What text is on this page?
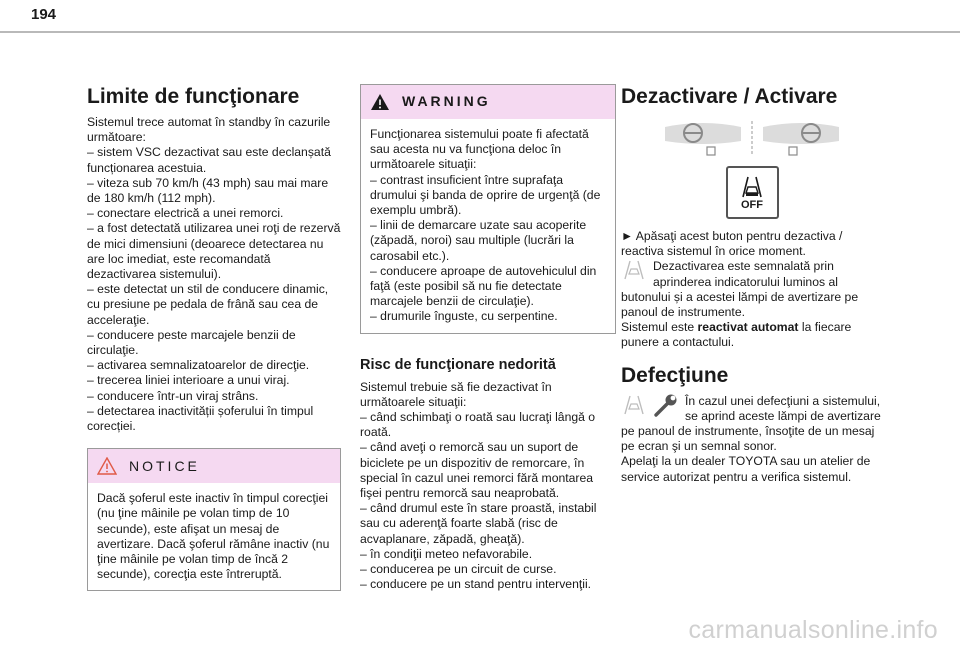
194
Limite de funcţionare

Sistemul trece automat în standby în cazurile următoare:

– sistem VSC dezactivat sau este declanșată funcționarea acestuia.

– viteza sub 70 km/h (43 mph) sau mai mare de 180 km/h (112 mph).

– conectare electrică a unei remorci.

– a fost detectată utilizarea unei roţi de rezervă de mici dimensiuni (deoarece detectarea nu are loc imediat, este recomandată dezactivarea sistemului).

– este detectat un stil de conducere dinamic, cu presiune pe pedala de frână sau cea de acceleraţie.

– conducere peste marcajele benzii de circulaţie.

– activarea semnalizatoarelor de direcţie.

– trecerea liniei interioare a unui viraj.

– conducere într-un viraj strâns.

– detectarea inactivității șoferului în timpul corecției.

NOTICE

Dacă şoferul este inactiv în timpul corecţiei (nu ţine mâinile pe volan timp de 10 secunde), este afişat un mesaj de avertizare. Dacă şoferul rămâne inactiv (nu ţine mâinile pe volan timp de încă 2 secunde), corecţia este întreruptă.

WARNING

Funcţionarea sistemului poate fi afectată sau acesta nu va funcţiona deloc în următoarele situaţii:

– contrast insuficient între suprafaţa drumului şi banda de oprire de urgenţă (de exemplu umbră).

– linii de demarcare uzate sau acoperite (zăpadă, noroi) sau multiple (lucrări la carosabil etc.).

– conducere aproape de autovehiculul din faţă (este posibil să nu fie detectate marcajele benzii de circulaţie).

– drumurile înguste, cu serpentine.

Risc de funcţionare nedorită

Sistemul trebuie să fie dezactivat în următoarele situaţii:

– când schimbaţi o roată sau lucraţi lângă o roată.

– când aveţi o remorcă sau un suport de biciclete pe un dispozitiv de remorcare, în special în cazul unei remorci fără montarea fişei pentru remorcă sau neaprobată.

– când drumul este în stare proastă, instabil sau cu aderenţă foarte slabă (risc de acvaplanare, zăpadă, gheaţă).

– în condiţii meteo nefavorabile.

– conducerea pe un circuit de curse.

– conducere pe un stand pentru intervenţii.

Dezactivare / Activare
OFF

► Apăsaţi acest buton pentru dezactiva / reactiva sistemul în orice moment.

Dezactivarea este semnalată prin aprinderea indicatorului luminos al butonului și a acestei lămpi de avertizare pe panoul de instrumente.

Sistemul este reactivat automat la fiecare punere a contactului.

Defecţiune

În cazul unei defecţiuni a sistemului, se aprind aceste lămpi de avertizare pe panoul de instrumente, însoţite de un mesaj pe ecran şi un semnal sonor.

Apelaţi la un dealer TOYOTA sau un atelier de service autorizat pentru a verifica sistemul.

carmanualsonline.info
